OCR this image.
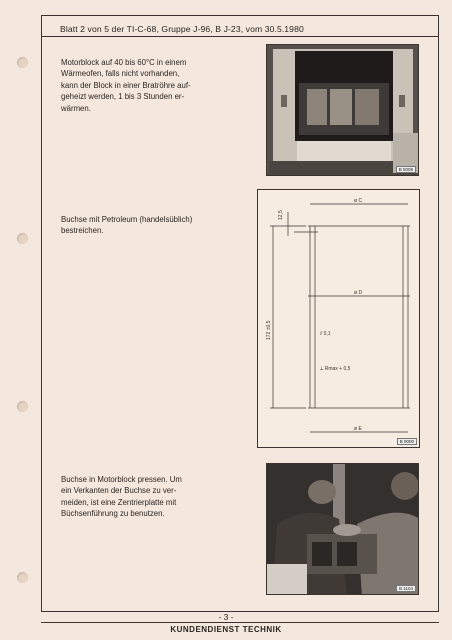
Blatt 2 von 5 der TI-C-68, Gruppe J-96, B J-23, vom 30.5.1980
Motorblock auf 40 bis 60°C in einem
Wärmeofen, falls nicht vorhanden,
kann der Block in einer Bratröhre auf-
geheizt werden, 1 bis 3 Stunden er-
wärmen.
B 5008
Buchse mit Petroleum (handelsüblich)
bestreichen.
ø C
ø D
ø E
172 ±0,5
12,5
⫽ 0,1
⟂ Rmax + 0,5
B 9000
Buchse in Motorblock pressen. Um
ein Verkanten der Buchse zu ver-
meiden, ist eine Zentrierplatte mit
Büchsenführung zu benutzen.
B 1104
- 3 -
KUNDENDIENST TECHNIK
